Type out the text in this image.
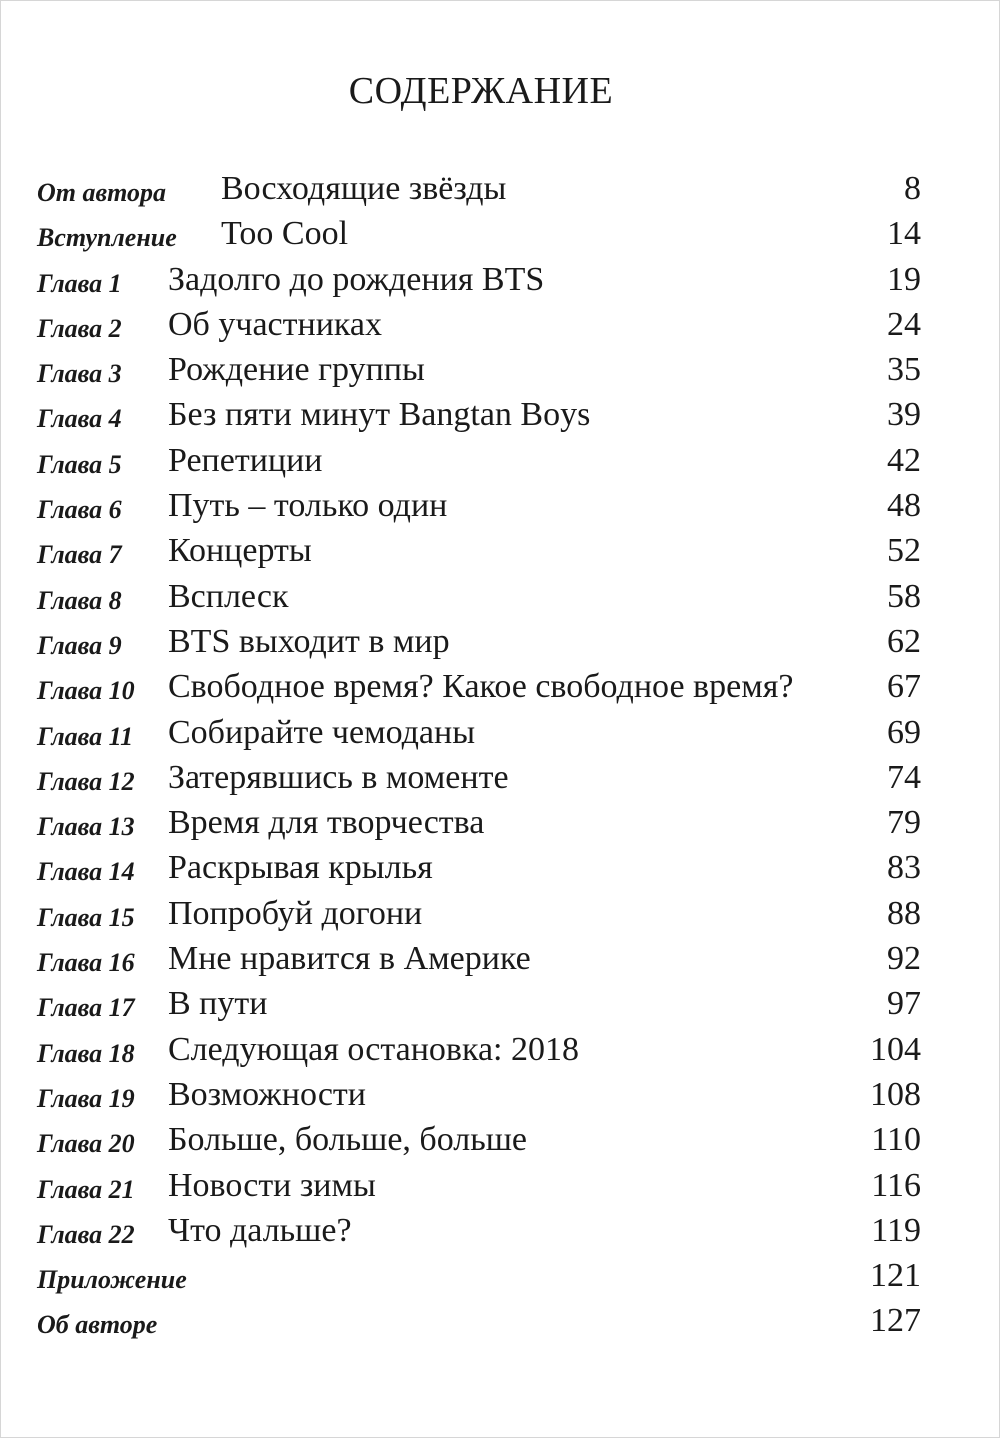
СОДЕРЖАНИЕ
От автора Восходящие звёзды	8
Вступление Too Cool	14
Глава 1 Задолго до рождения BTS	19
Глава 2 Об участниках	24
Глава 3 Рождение группы	35
Глава 4 Без пяти минут Bangtan Boys	39
Глава 5 Репетиции	42
Глава 6 Путь – только один	48
Глава 7 Концерты	52
Глава 8 Всплеск	58
Глава 9 BTS выходит в мир	62
Глава 10 Свободное время? Какое свободное время?	67
Глава 11 Собирайте чемоданы	69
Глава 12 Затерявшись в моменте	74
Глава 13 Время для творчества	79
Глава 14 Раскрывая крылья	83
Глава 15 Попробуй догони	88
Глава 16 Мне нравится в Америке	92
Глава 17 В пути	97
Глава 18 Следующая остановка: 2018	104
Глава 19 Возможности	108
Глава 20 Больше, больше, больше	110
Глава 21 Новости зимы	116
Глава 22 Что дальше?	119
Приложение	121
Об авторе	127
